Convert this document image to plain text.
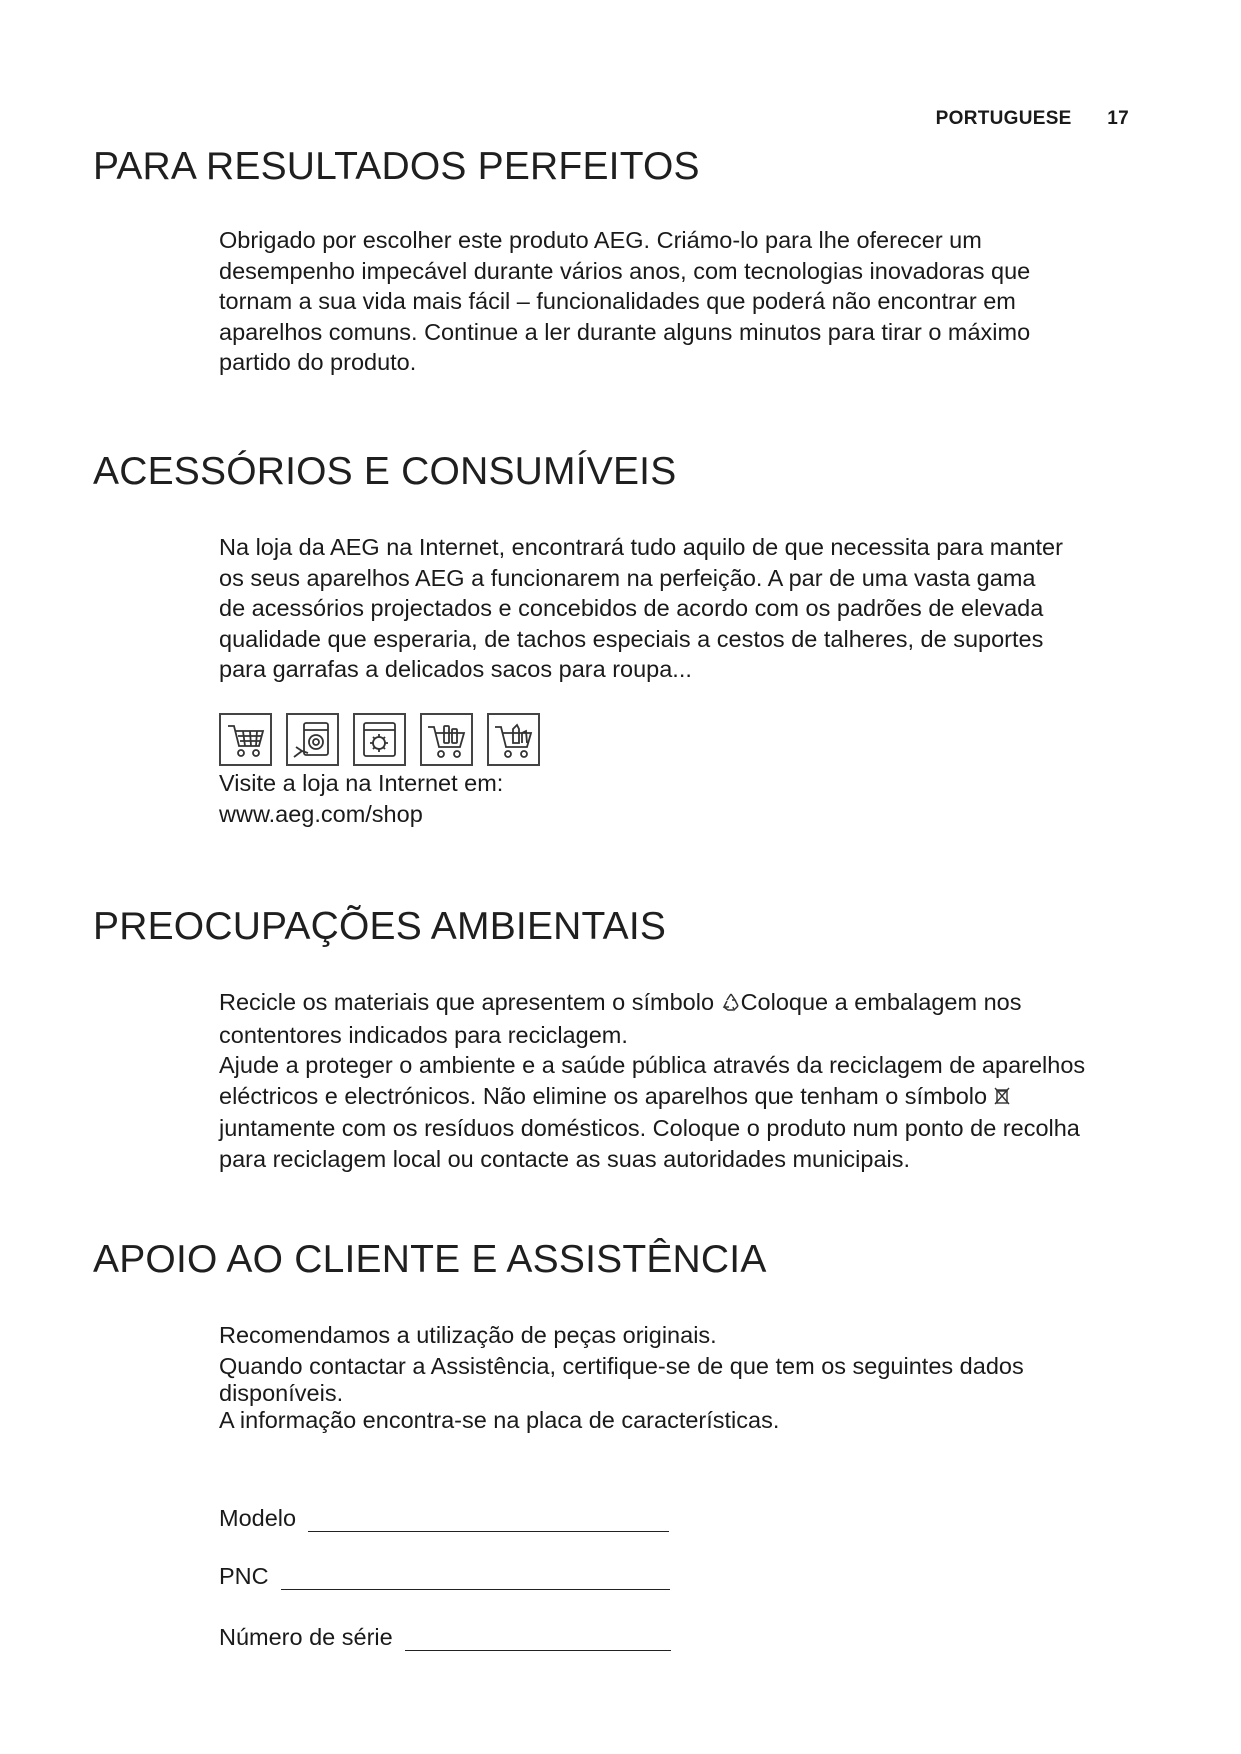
PORTUGUESE 17
PARA RESULTADOS PERFEITOS

Obrigado por escolher este produto AEG. Criámo-lo para lhe oferecer um

desempenho impecável durante vários anos, com tecnologias inovadoras que

tornam a sua vida mais fácil – funcionalidades que poderá não encontrar em

aparelhos comuns. Continue a ler durante alguns minutos para tirar o máximo

partido do produto.

ACESSÓRIOS E CONSUMÍVEIS

Na loja da AEG na Internet, encontrará tudo aquilo de que necessita para manter

os seus aparelhos AEG a funcionarem na perfeição. A par de uma vasta gama

de acessórios projectados e concebidos de acordo com os padrões de elevada

qualidade que esperaria, de tachos especiais a cestos de talheres, de suportes

para garrafas a delicados sacos para roupa...

Visite a loja na Internet em:

www.aeg.com/shop

PREOCUPAÇÕES AMBIENTAIS

Recicle os materiais que apresentem o símbolo Coloque a embalagem nos

contentores indicados para reciclagem.

Ajude a proteger o ambiente e a saúde pública através da reciclagem de aparelhos

eléctricos e electrónicos. Não elimine os aparelhos que tenham o símbolo

juntamente com os resíduos domésticos. Coloque o produto num ponto de recolha

para reciclagem local ou contacte as suas autoridades municipais.

APOIO AO CLIENTE E ASSISTÊNCIA

Recomendamos a utilização de peças originais.

Quando contactar a Assistência, certifique-se de que tem os seguintes dados

disponíveis.

A informação encontra-se na placa de características.

Modelo
PNC
Número de série
